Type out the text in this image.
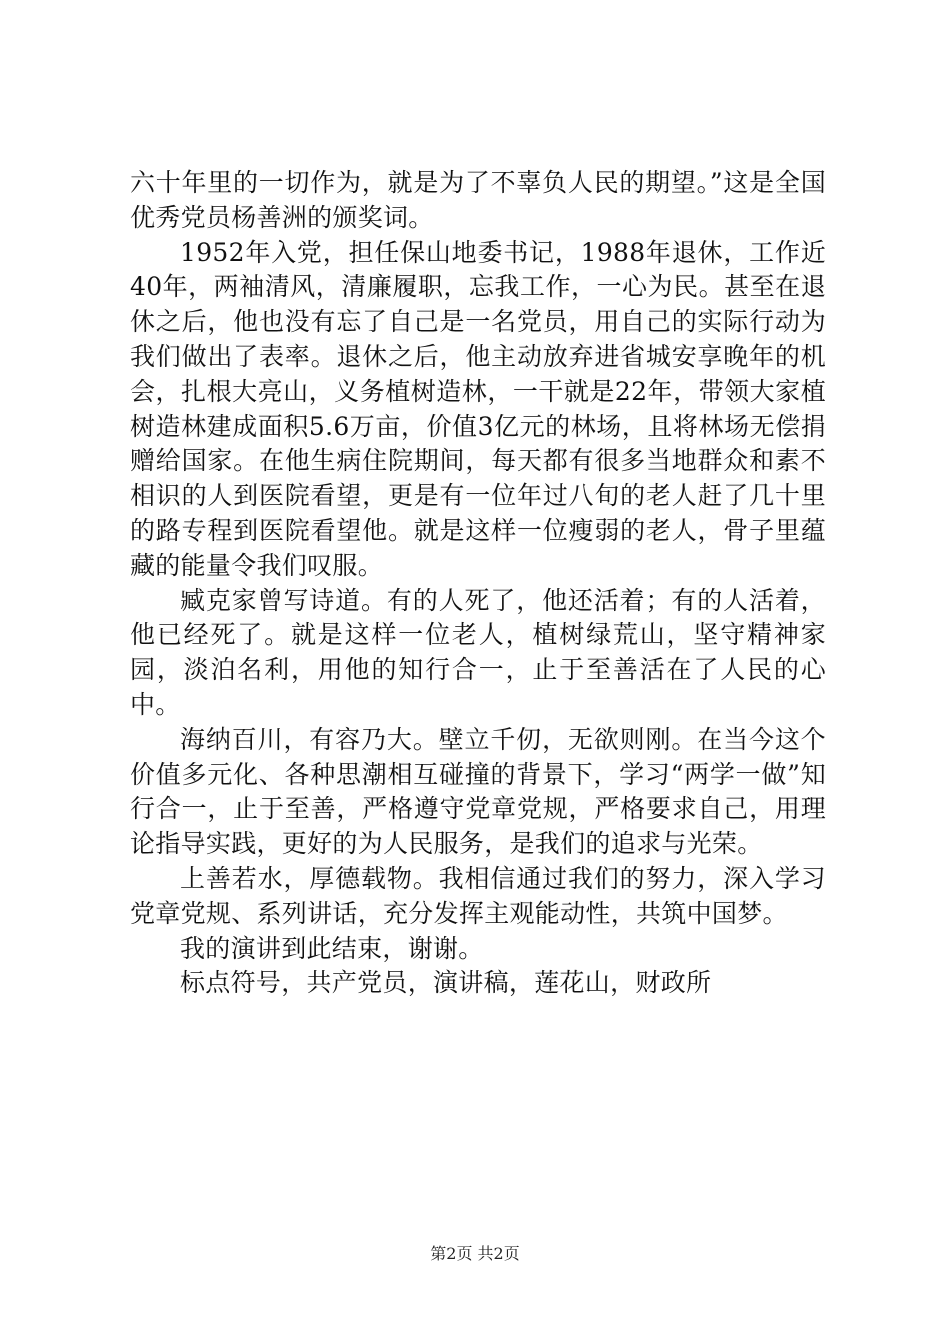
六十年里的一切作为，就是为了不辜负人民的期望。”这是全国优秀党员杨善洲的颁奖词。

1952年入党，担任保山地委书记，1988年退休，工作近40年，两袖清风，清廉履职，忘我工作，一心为民。甚至在退休之后，他也没有忘了自己是一名党员，用自己的实际行动为我们做出了表率。退休之后，他主动放弃进省城安享晚年的机会，扎根大亮山，义务植树造林，一干就是22年，带领大家植树造林建成面积5.6万亩，价值3亿元的林场，且将林场无偿捐赠给国家。在他生病住院期间，每天都有很多当地群众和素不相识的人到医院看望，更是有一位年过八旬的老人赶了几十里的路专程到医院看望他。就是这样一位瘦弱的老人，骨子里蕴藏的能量令我们叹服。

臧克家曾写诗道。有的人死了，他还活着；有的人活着，他已经死了。就是这样一位老人，植树绿荒山，坚守精神家园，淡泊名利，用他的知行合一，止于至善活在了人民的心中。

海纳百川，有容乃大。壁立千仞，无欲则刚。在当今这个价值多元化、各种思潮相互碰撞的背景下，学习“两学一做”知行合一，止于至善，严格遵守党章党规，严格要求自己，用理论指导实践，更好的为人民服务，是我们的追求与光荣。

上善若水，厚德载物。我相信通过我们的努力，深入学习党章党规、系列讲话，充分发挥主观能动性，共筑中国梦。

我的演讲到此结束，谢谢。

标点符号，共产党员，演讲稿，莲花山，财政所

第2页 共2页
